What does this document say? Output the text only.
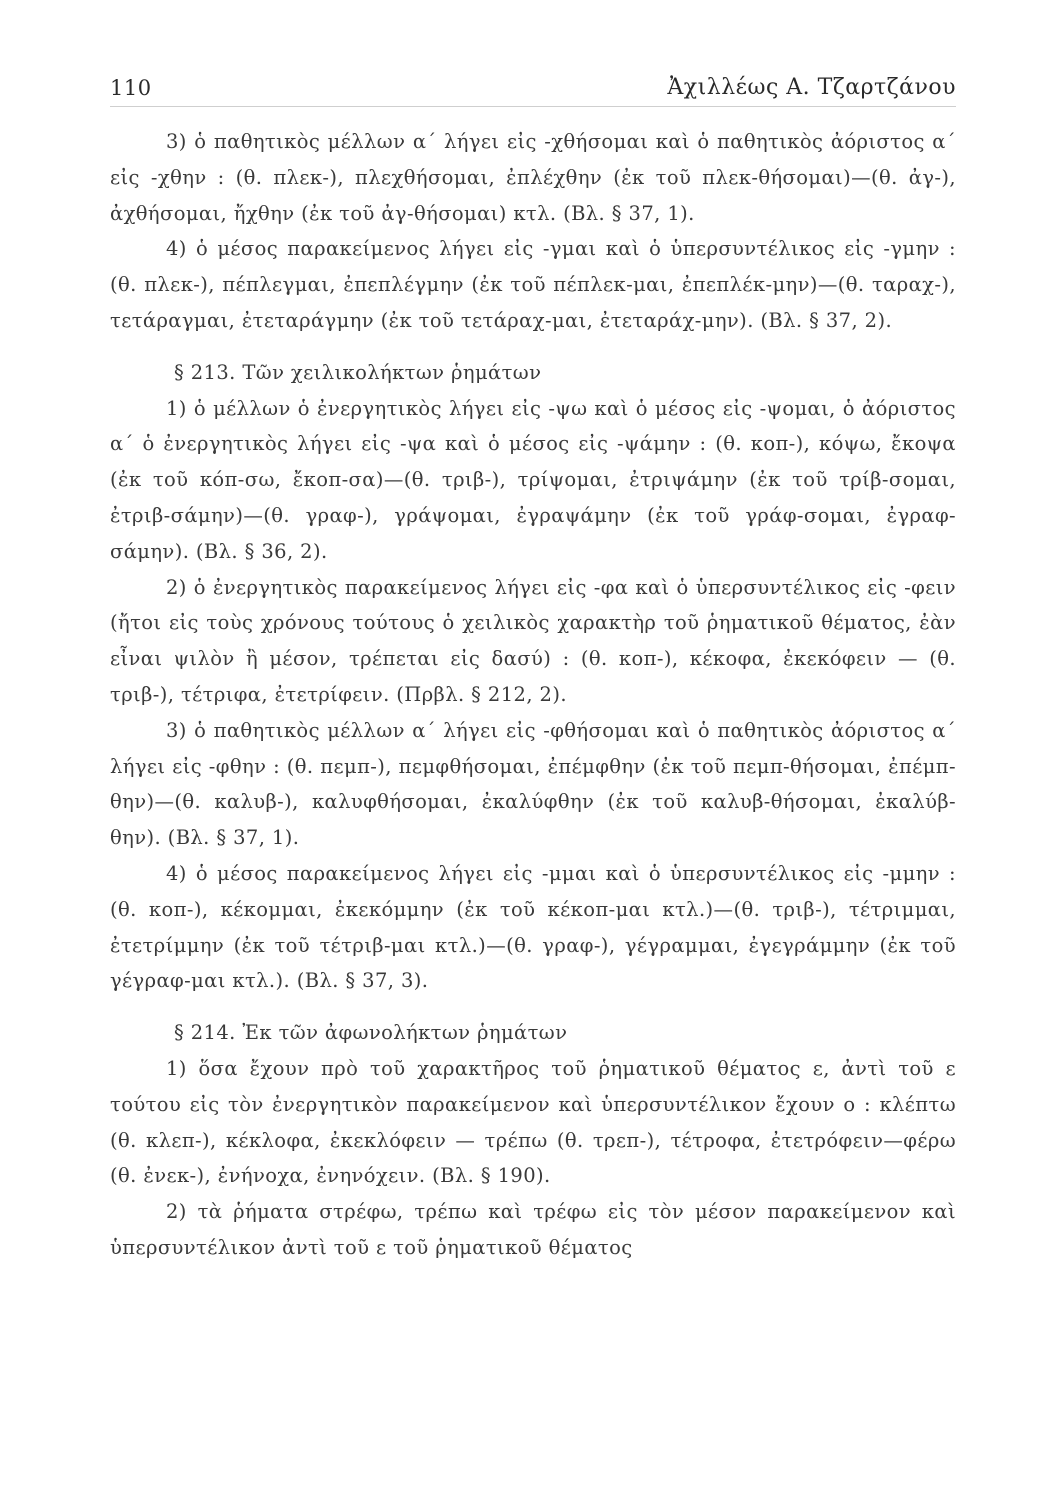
110	Ἀχιλλέως Α. Τζαρτζάνου

3) ὁ παθητικὸς μέλλων α΄ λήγει εἰς -χθήσομαι καὶ ὁ παθητικὸς ἀόριστος α΄ εἰς -χθην : (θ. πλεκ-), πλεχθήσομαι, ἐπλέχθην (ἐκ τοῦ πλεκ-θήσομαι)—(θ. ἀγ-), ἀχθήσομαι, ἤχθην (ἐκ τοῦ ἀγ-θήσομαι) κτλ. (Βλ. § 37, 1).

4) ὁ μέσος παρακείμενος λήγει εἰς -γμαι καὶ ὁ ὑπερσυντέλικος εἰς -γμην : (θ. πλεκ-), πέπλεγμαι, ἐπεπλέγμην (ἐκ τοῦ πέπλεκ-μαι, ἐπεπλέκ-μην)—(θ. ταραχ-), τετάραγμαι, ἐτεταράγμην (ἐκ τοῦ τετάραχ-μαι, ἐτεταράχ-μην). (Βλ. § 37, 2).

§ 213. Τῶν χειλικολήκτων ῥημάτων

1) ὁ μέλλων ὁ ἐνεργητικὸς λήγει εἰς -ψω καὶ ὁ μέσος εἰς -ψομαι, ὁ ἀόριστος α΄ ὁ ἐνεργητικὸς λήγει εἰς -ψα καὶ ὁ μέσος εἰς -ψάμην : (θ. κοπ-), κόψω, ἔκοψα (ἐκ τοῦ κόπ-σω, ἔκοπ-σα)—(θ. τριβ-), τρίψομαι, ἐτριψάμην (ἐκ τοῦ τρίβ-σομαι, ἐτριβ-σάμην)—(θ. γραφ-), γράψομαι, ἐγραψάμην (ἐκ τοῦ γράφ-σομαι, ἐγραφ-σάμην). (Βλ. § 36, 2).

2) ὁ ἐνεργητικὸς παρακείμενος λήγει εἰς -φα καὶ ὁ ὑπερσυντέλικος εἰς -φειν (ἤτοι εἰς τοὺς χρόνους τούτους ὁ χειλικὸς χαρακτὴρ τοῦ ῥηματικοῦ θέματος, ἐὰν εἶναι ψιλὸν ἢ μέσον, τρέπεται εἰς δασύ) : (θ. κοπ-), κέκοφα, ἐκεκόφειν — (θ. τριβ-), τέτριφα, ἐτετρίφειν. (Πρβλ. § 212, 2).

3) ὁ παθητικὸς μέλλων α΄ λήγει εἰς -φθήσομαι καὶ ὁ παθητικὸς ἀόριστος α΄ λήγει εἰς -φθην : (θ. πεμπ-), πεμφθήσομαι, ἐπέμφθην (ἐκ τοῦ πεμπ-θήσομαι, ἐπέμπ-θην)—(θ. καλυβ-), καλυφθήσομαι, ἐκαλύφθην (ἐκ τοῦ καλυβ-θήσομαι, ἐκαλύβ-θην). (Βλ. § 37, 1).

4) ὁ μέσος παρακείμενος λήγει εἰς -μμαι καὶ ὁ ὑπερσυντέλικος εἰς -μμην : (θ. κοπ-), κέκομμαι, ἐκεκόμμην (ἐκ τοῦ κέκοπ-μαι κτλ.)—(θ. τριβ-), τέτριμμαι, ἐτετρίμμην (ἐκ τοῦ τέτριβ-μαι κτλ.)—(θ. γραφ-), γέγραμμαι, ἐγεγράμμην (ἐκ τοῦ γέγραφ-μαι κτλ.). (Βλ. § 37, 3).

§ 214. Ἐκ τῶν ἀφωνολήκτων ῥημάτων

1) ὅσα ἔχουν πρὸ τοῦ χαρακτῆρος τοῦ ῥηματικοῦ θέματος ε, ἀντὶ τοῦ ε τούτου εἰς τὸν ἐνεργητικὸν παρακείμενον καὶ ὑπερσυντέλικον ἔχουν ο : κλέπτω (θ. κλεπ-), κέκλοφα, ἐκεκλόφειν — τρέπω (θ. τρεπ-), τέτροφα, ἐτετρόφειν—φέρω (θ. ἐνεκ-), ἐνήνοχα, ἐνηνόχειν. (Βλ. § 190).

2) τὰ ῥήματα στρέφω, τρέπω καὶ τρέφω εἰς τὸν μέσον παρακείμενον καὶ ὑπερσυντέλικον ἀντὶ τοῦ ε τοῦ ῥηματικοῦ θέματος
